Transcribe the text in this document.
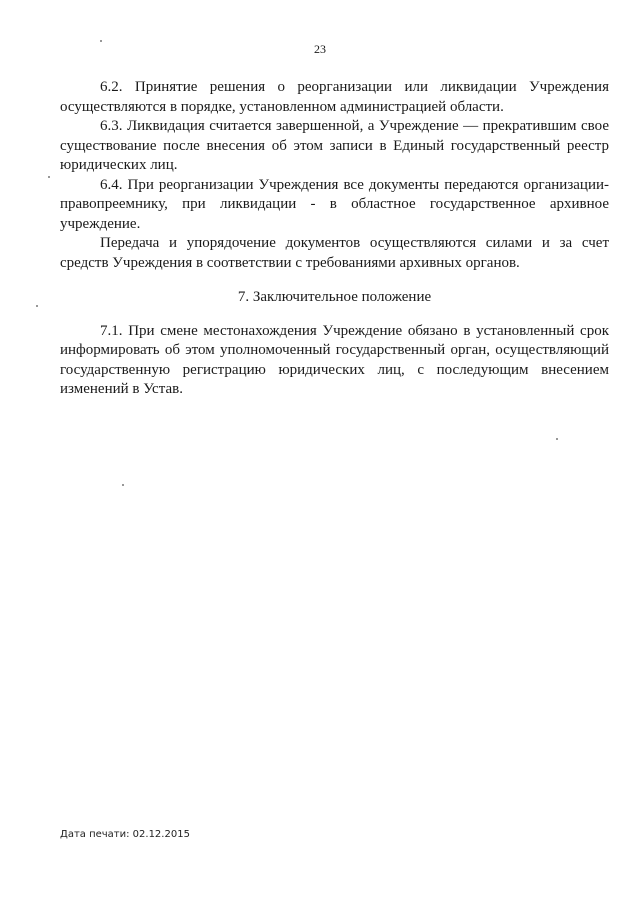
23

6.2. Принятие решения о реорганизации или ликвидации Учреждения осуществляются в порядке, установленном администрацией области.

6.3. Ликвидация считается завершенной, а Учреждение — прекратившим свое существование после внесения об этом записи в Единый государственный реестр юридических лиц.

6.4. При реорганизации Учреждения все документы передаются организации-правопреемнику, при ликвидации - в областное государственное архивное учреждение.

Передача и упорядочение документов осуществляются силами и за счет средств Учреждения в соответствии с требованиями архивных органов.

7. Заключительное положение

7.1. При смене местонахождения Учреждение обязано в установленный срок информировать об этом уполномоченный государственный орган, осуществляющий государственную регистрацию юридических лиц, с последующим внесением изменений в Устав.

Дата печати: 02.12.2015
